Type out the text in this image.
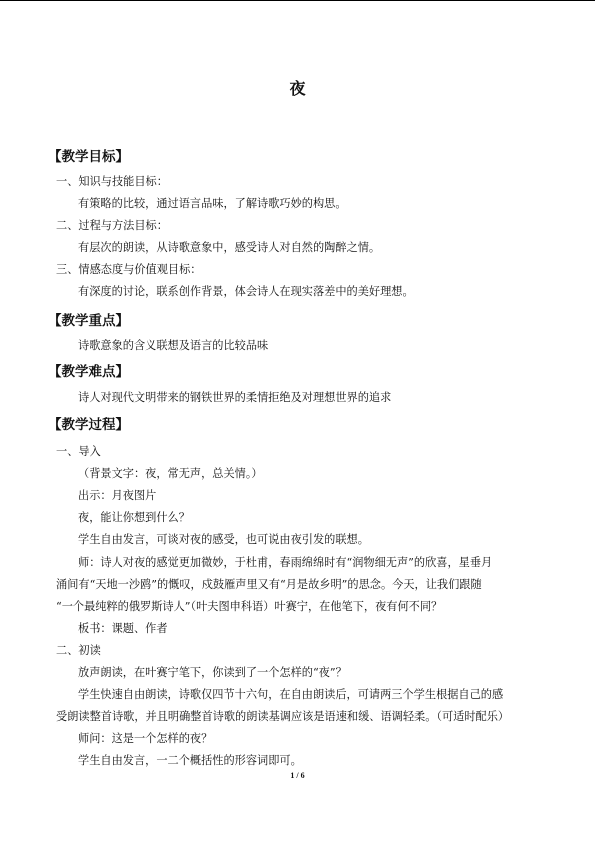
夜
【教学目标】
一、知识与技能目标：
有策略的比较，通过语言品味，了解诗歌巧妙的构思。
二、过程与方法目标：
有层次的朗读，从诗歌意象中，感受诗人对自然的陶醉之情。
三、情感态度与价值观目标：
有深度的讨论，联系创作背景，体会诗人在现实落差中的美好理想。
【教学重点】
诗歌意象的含义联想及语言的比较品味
【教学难点】
诗人对现代文明带来的钢铁世界的柔情拒绝及对理想世界的追求
【教学过程】
一、导入
（背景文字：夜，常无声，总关情。）
出示：月夜图片
夜，能让你想到什么？
学生自由发言，可谈对夜的感受，也可说由夜引发的联想。
师：诗人对夜的感觉更加微妙，于杜甫，春雨绵绵时有“润物细无声”的欣喜，星垂月
涌间有“天地一沙鸥”的慨叹，戍鼓雁声里又有“月是故乡明”的思念。今天，让我们跟随
“一个最纯粹的俄罗斯诗人”（叶夫图申科语）叶赛宁，在他笔下，夜有何不同？
板书：课题、作者
二、初读
放声朗读，在叶赛宁笔下，你读到了一个怎样的“夜”？
学生快速自由朗读，诗歌仅四节十六句，在自由朗读后，可请两三个学生根据自己的感
受朗读整首诗歌，并且明确整首诗歌的朗读基调应该是语速和缓、语调轻柔。（可适时配乐）
师问：这是一个怎样的夜？
学生自由发言，一二个概括性的形容词即可。
1 / 6
